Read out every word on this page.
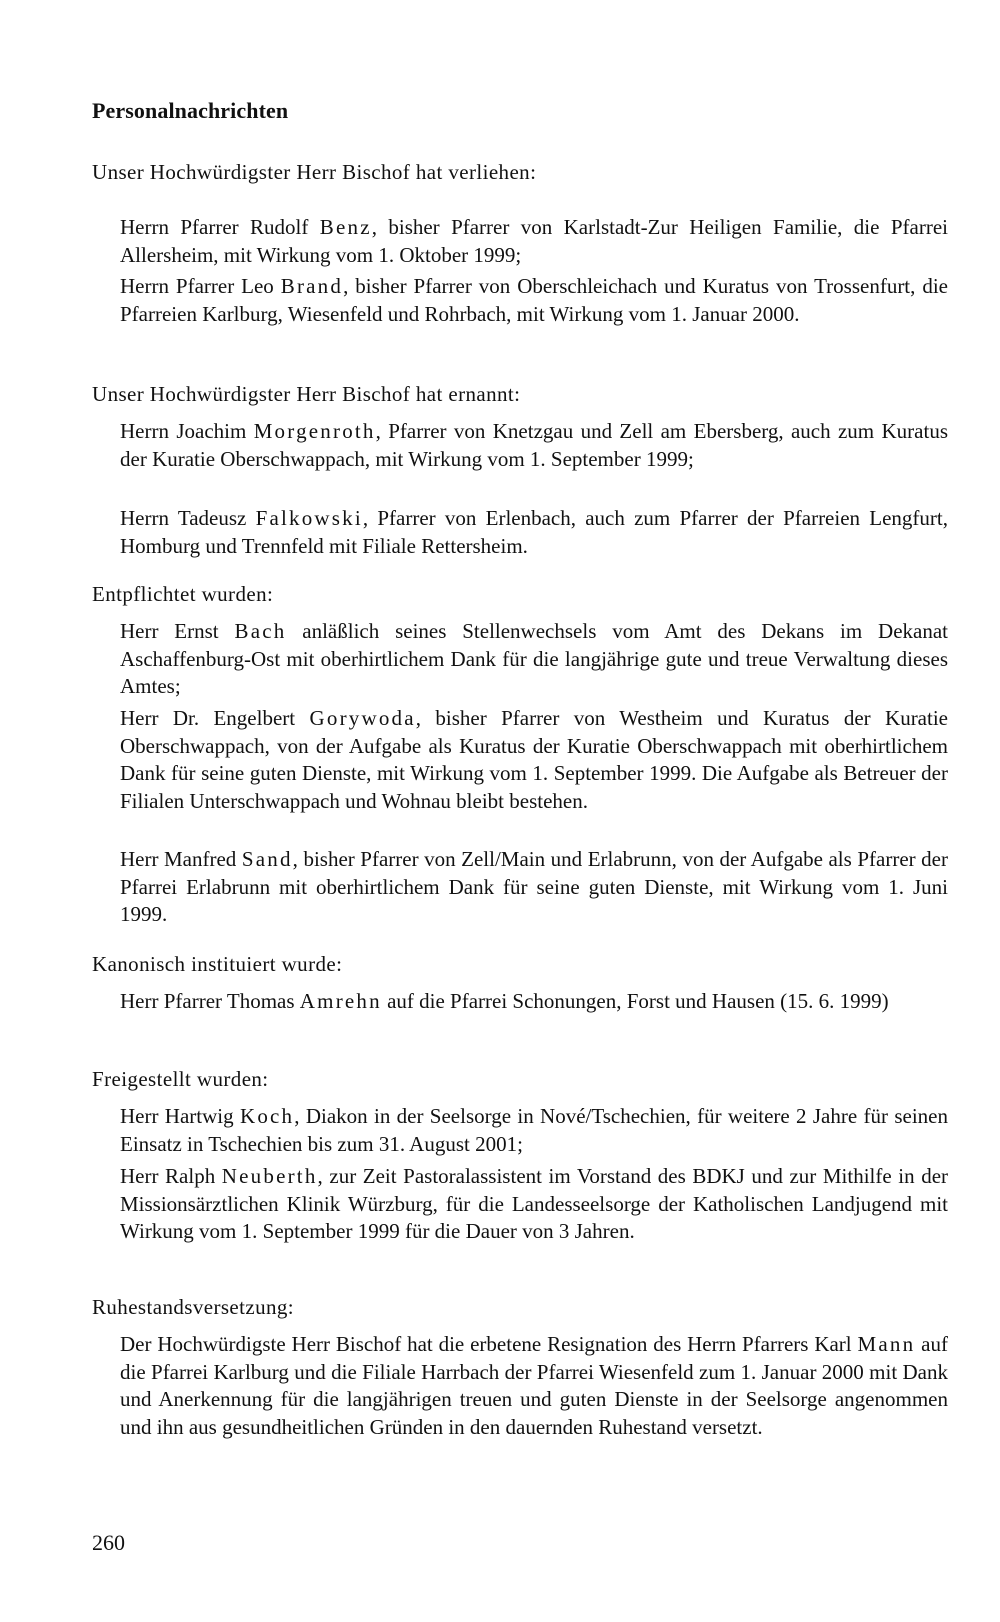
Personalnachrichten
Unser Hochwürdigster Herr Bischof hat verliehen:
Herrn Pfarrer Rudolf Benz, bisher Pfarrer von Karlstadt-Zur Heiligen Familie, die Pfarrei Allersheim, mit Wirkung vom 1. Oktober 1999;
Herrn Pfarrer Leo Brand, bisher Pfarrer von Oberschleichach und Kuratus von Trossenfurt, die Pfarreien Karlburg, Wiesenfeld und Rohrbach, mit Wirkung vom 1. Januar 2000.
Unser Hochwürdigster Herr Bischof hat ernannt:
Herrn Joachim Morgenroth, Pfarrer von Knetzgau und Zell am Ebersberg, auch zum Kuratus der Kuratie Oberschwappach, mit Wirkung vom 1. September 1999;
Herrn Tadeusz Falkowski, Pfarrer von Erlenbach, auch zum Pfarrer der Pfarreien Lengfurt, Homburg und Trennfeld mit Filiale Rettersheim.
Entpflichtet wurden:
Herr Ernst Bach anläßlich seines Stellenwechsels vom Amt des Dekans im Dekanat Aschaffenburg-Ost mit oberhirtlichem Dank für die langjährige gute und treue Verwaltung dieses Amtes;
Herr Dr. Engelbert Gorywoda, bisher Pfarrer von Westheim und Kuratus der Kuratie Oberschwappach, von der Aufgabe als Kuratus der Kuratie Oberschwappach mit oberhirtlichem Dank für seine guten Dienste, mit Wirkung vom 1. September 1999. Die Aufgabe als Betreuer der Filialen Unterschwappach und Wohnau bleibt bestehen.
Herr Manfred Sand, bisher Pfarrer von Zell/Main und Erlabrunn, von der Aufgabe als Pfarrer der Pfarrei Erlabrunn mit oberhirtlichem Dank für seine guten Dienste, mit Wirkung vom 1. Juni 1999.
Kanonisch instituiert wurde:
Herr Pfarrer Thomas Amrehn auf die Pfarrei Schonungen, Forst und Hausen (15. 6. 1999)
Freigestellt wurden:
Herr Hartwig Koch, Diakon in der Seelsorge in Nové/Tschechien, für weitere 2 Jahre für seinen Einsatz in Tschechien bis zum 31. August 2001;
Herr Ralph Neuberth, zur Zeit Pastoralassistent im Vorstand des BDKJ und zur Mithilfe in der Missionsärztlichen Klinik Würzburg, für die Landesseelsorge der Katholischen Landjugend mit Wirkung vom 1. September 1999 für die Dauer von 3 Jahren.
Ruhestandsversetzung:
Der Hochwürdigste Herr Bischof hat die erbetene Resignation des Herrn Pfarrers Karl Mann auf die Pfarrei Karlburg und die Filiale Harrbach der Pfarrei Wiesenfeld zum 1. Januar 2000 mit Dank und Anerkennung für die langjährigen treuen und guten Dienste in der Seelsorge angenommen und ihn aus gesundheitlichen Gründen in den dauernden Ruhestand versetzt.
260
